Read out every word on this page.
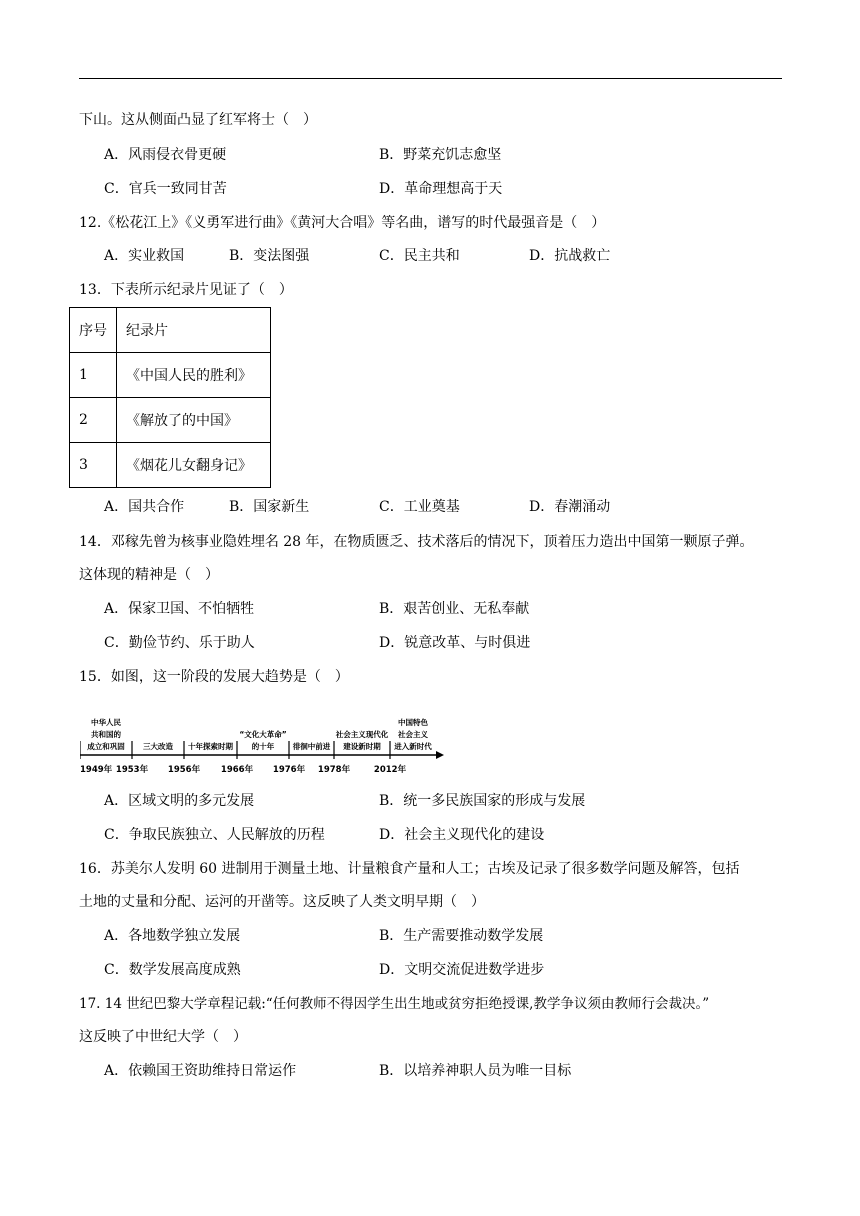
下山。这从侧面凸显了红军将士（　）
A．风雨侵衣骨更硬	B．野菜充饥志愈坚
C．官兵一致同甘苦	D．革命理想高于天
12.《松花江上》《义勇军进行曲》《黄河大合唱》等名曲，谱写的时代最强音是（　）
A．实业救国	B．变法图强	C．民主共和	D．抗战救亡
13．下表所示纪录片见证了（　）
序号	纪录片
1	《中国人民的胜利》
2	《解放了的中国》
3	《烟花儿女翻身记》
A．国共合作	B．国家新生	C．工业奠基	D．春潮涌动
14．邓稼先曾为核事业隐姓埋名 28 年，在物质匮乏、技术落后的情况下，顶着压力造出中国第一颗原子弹。
这体现的精神是（　）
A．保家卫国、不怕牺牲	B．艰苦创业、无私奉献
C．勤俭节约、乐于助人	D．锐意改革、与时俱进
15．如图，这一阶段的发展大趋势是（　）
中华人民
共和国的
成立和巩固 三大改造 十年探索时期
“文化大革命”
的十年 徘徊中前进
社会主义现代化
建设新时期
中国特色
社会主义
进入新时代
1949年 1953年 1956年 1966年 1976年 1978年	2012年
A．区域文明的多元发展	B．统一多民族国家的形成与发展
C．争取民族独立、人民解放的历程	D．社会主义现代化的建设
16．苏美尔人发明 60 进制用于测量土地、计量粮食产量和人工；古埃及记录了很多数学问题及解答，包括
土地的丈量和分配、运河的开凿等。这反映了人类文明早期（　）
A．各地数学独立发展	B．生产需要推动数学发展
C．数学发展高度成熟	D．文明交流促进数学进步
17. 14 世纪巴黎大学章程记载:“任何教师不得因学生出生地或贫穷拒绝授课,教学争议须由教师行会裁决。”
这反映了中世纪大学（　）
A．依赖国王资助维持日常运作	B．以培养神职人员为唯一目标
